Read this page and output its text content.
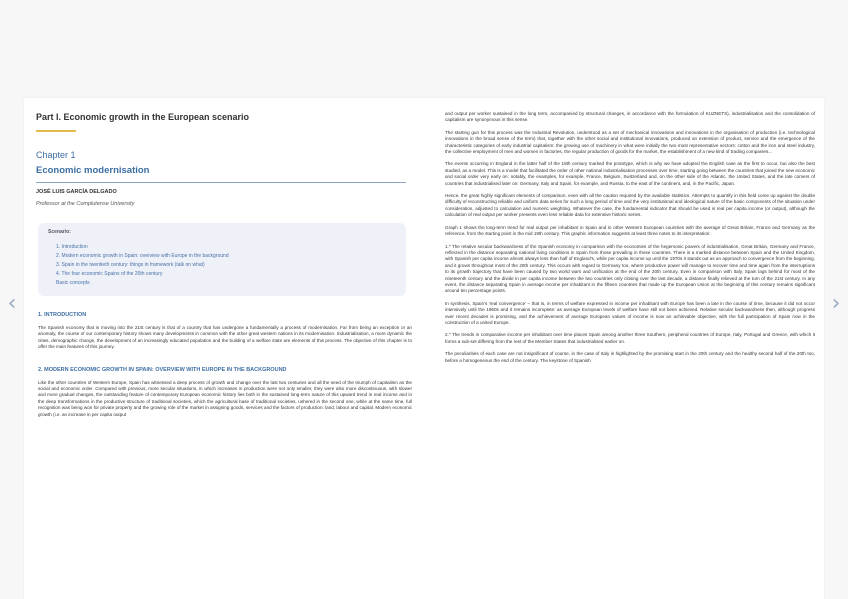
‹	›
Part I. Economic growth in the European scenario
Chapter 1
Economic modernisation
JOSÉ LUIS GARCÍA DELGADO
Professor at the Complutense University
Scenario:
1. Introduction
2. Modern economic growth in Spain: overview with Europe in the background
3. Spain in the twentieth century: things in framework (talk on what)
4. The four economic Spains of the 20th century
Basic concepts
1. INTRODUCTION
The Spanish economy that is moving into the 21st century is that of a country that has undergone a fundamentally a process of modernisation. Far from being an exception or an anomaly, the course of our contemporary history shows many developments in common with the other great western nations in its modernisation. Industrialisation, a more dynamic the cities, demographic change, the development of an increasingly educated population and the building of a welfare state are elements of this process. The objective of this chapter is to offer the main features of this journey.
2. MODERN ECONOMIC GROWTH IN SPAIN: OVERVIEW WITH EUROPE IN THE BACKGROUND
Like the other countries of Western Europe, Spain has witnessed a deep process of growth and change over the last two centuries and all the seed of the triumph of capitalism as the social and economic order. Compared with previous, more secular situations, in which increases in production were not only smaller, they were also more discontinuous, with slower and more gradual changes, the outstanding feature of contemporary European economic history lies both in the sustained long-term nature of this upward trend in real income and in the deep transformations in the productive structure of traditional societies, which the agricultural base of traditional societies, ushered in the second one, while at the same time, full recognition was being won for private property and the growing role of the market in assigning goods, services and the factors of production: land, labour and capital. Modern economic growth (i.e. an increase in per capita output
and output per worker sustained in the long term, accompanied by structural changes, in accordance with the formulation of KUZNETS), industrialisation and the consolidation of capitalism are synonymous in this sense.
The starting gun for this process was the Industrial Revolution, understood as a set of mechanical innovations and innovations in the organisation of production (i.e. technological innovations in the broad sense of the term) that, together with the other social and institutional innovations, produced an extension of product, service and the emergence of the characteristic categories of early industrial capitalism: the growing use of machinery in what were initially the two most representative sectors: cotton and the iron and steel industry, the collective employment of men and women in factories, the regular production of goods for the market, the establishment of a new kind of trading companies...
The events occurring in England in the latter half of the 18th century marked the prototype, which is why we have adopted the English case as the first to occur, but also the best studied, as a model. This is a model that facilitated the order of other national industrialisation processes over time, starting going between the countries that joined the new economic and social order very early on: notably, the examples, for example, France, Belgium, Switzerland and, on the other side of the Atlantic, the United States, and the late comers of countries that industrialised later on: Germany, Italy and Spain, for example, and Russia, to the east of the continent, and, in the Pacific, Japan.
Hence, the great highly significant elements of comparison, even with all the caution required by the available statistics. Attempts to quantify in this field come up against the double difficulty of reconstructing reliable and uniform data series for such a long period of time and the very institutional and ideological nature of the basic components of the situation under consideration, adjusted to calculation and numeric weighting. Whatever the case, the fundamental indicator that should be used is real per capita income (or output), although the calculation of real output per worker presents even less reliable data for extensive historic series.
Graph 1 shows the long-term trend for real output per inhabitant in Spain and in other Western European countries with the average of Great Britain, France and Germany as the reference, from the starting point in the mid 19th century. This graphic information suggests at least three notes to its interpretation:
1.º The relative secular backwardness of the Spanish economy in comparison with the economies of the hegemonic powers of industrialisation, Great Britain, Germany and France, reflected in the distance separating national living conditions in Spain from those prevailing in these countries. There is a marked distance between Spain and the United Kingdom, with Spanish per capita income almost always less than half of England's, while per capita income up until the 1970s it stands out as an approach to convergence from the beginning, and it grows throughout most of the 20th century. This occurs with regard to Germany too, where productive power will manage to recover time and time again from the interruptions to its growth trajectory that have been caused by two world wars and unification at the end of the 20th century. Even in comparison with Italy, Spain lags behind for most of the nineteenth century and the divide in per capita income between the two countries only closing over the last decade, a distance finally relieved at the turn of the 21st century. In any event, the distance separating Spain in average income per inhabitant in the fifteen countries that made up the European Union at the beginning of this century remains significant around ten percentage points.
In synthesis, Spain's 'real convergence' – that is, in terms of welfare expressed in income per inhabitant with Europe has been a late in the course of time, because it did not occur intensively until the 1960s and it remains incomplete: as average European levels of welfare have still not been achieved. Relative secular backwardness then, although progress over recent decades is promising, and the achievement of average European values of income is now an achievable objective, with the full participation of Spain now in the construction of a united Europe.
2.º The trends in comparative income per inhabitant over time places Spain among another three Southern, peripheral countries of Europe, Italy, Portugal and Greece, with which it forms a sub-set differing from the rest of the Member States that industrialised earlier on.
The peculiarities of each case are not insignificant of course, in the case of Italy is highlighted by the promising start in the 20th century and the healthy second half of the 20th too, before a homogeneous the end of the century. The keystone of Spanish
